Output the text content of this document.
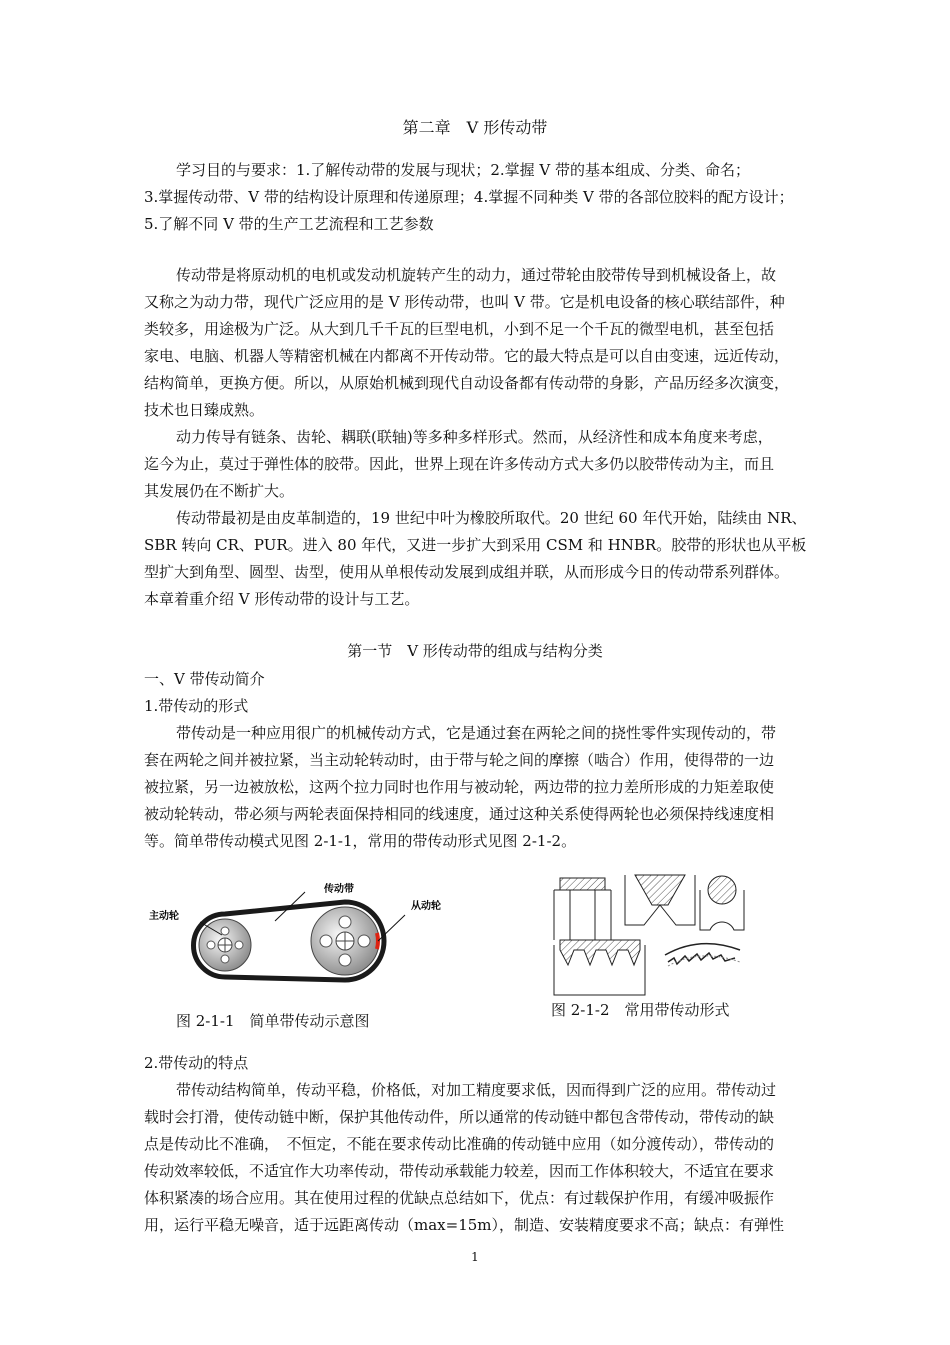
第二章　V 形传动带
学习目的与要求：1.了解传动带的发展与现状；2.掌握 V 带的基本组成、分类、命名；
3.掌握传动带、V 带的结构设计原理和传递原理；4.掌握不同种类 V 带的各部位胶料的配方设计；
5.了解不同 V 带的生产工艺流程和工艺参数
传动带是将原动机的电机或发动机旋转产生的动力，通过带轮由胶带传导到机械设备上，故
又称之为动力带，现代广泛应用的是 V 形传动带，也叫 V 带。它是机电设备的核心联结部件，种
类较多，用途极为广泛。从大到几千千瓦的巨型电机，小到不足一个千瓦的微型电机，甚至包括
家电、电脑、机器人等精密机械在内都离不开传动带。它的最大特点是可以自由变速，远近传动，
结构简单，更换方便。所以，从原始机械到现代自动设备都有传动带的身影，产品历经多次演变，
技术也日臻成熟。
动力传导有链条、齿轮、耦联(联轴)等多种多样形式。然而，从经济性和成本角度来考虑，
迄今为止，莫过于弹性体的胶带。因此，世界上现在许多传动方式大多仍以胶带传动为主，而且
其发展仍在不断扩大。
传动带最初是由皮革制造的，19 世纪中叶为橡胶所取代。20 世纪 60 年代开始，陆续由 NR、
SBR 转向 CR、PUR。进入 80 年代，又进一步扩大到采用 CSM 和 HNBR。胶带的形状也从平板
型扩大到角型、圆型、齿型，使用从单根传动发展到成组并联，从而形成今日的传动带系列群体。
本章着重介绍 V 形传动带的设计与工艺。
第一节　V 形传动带的组成与结构分类
一、V 带传动简介
1.带传动的形式
带传动是一种应用很广的机械传动方式，它是通过套在两轮之间的挠性零件实现传动的，带
套在两轮之间并被拉紧，当主动轮转动时，由于带与轮之间的摩擦（啮合）作用，使得带的一边
被拉紧，另一边被放松，这两个拉力同时也作用与被动轮，两边带的拉力差所形成的力矩差取使
被动轮转动，带必须与两轮表面保持相同的线速度，通过这种关系使得两轮也必须保持线速度相
等。简单带传动模式见图 2-1-1，常用的带传动形式见图 2-1-2。
传动带
主动轮
从动轮
图 2-1-1　简单带传动示意图
图 2-1-2　常用带传动形式
2.带传动的特点
带传动结构简单，传动平稳，价格低，对加工精度要求低，因而得到广泛的应用。带传动过
载时会打滑，使传动链中断，保护其他传动件，所以通常的传动链中都包含带传动，带传动的缺
点是传动比不准确，　不恒定，不能在要求传动比准确的传动链中应用（如分渡传动），带传动的
传动效率较低，不适宜作大功率传动，带传动承载能力较差，因而工作体积较大，不适宜在要求
体积紧凑的场合应用。其在使用过程的优缺点总结如下，优点：有过载保护作用，有缓冲吸振作
用，运行平稳无噪音，适于远距离传动（max=15m），制造、安装精度要求不高；缺点：有弹性
1
